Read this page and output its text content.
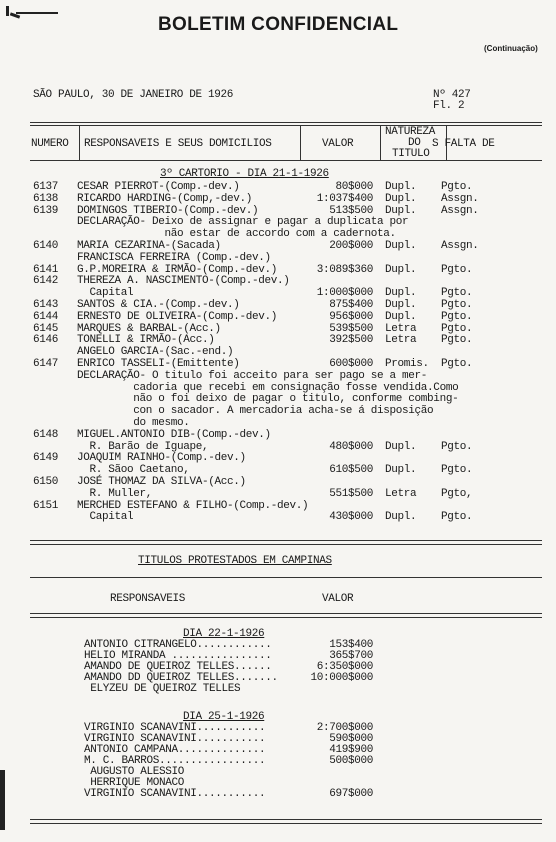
BOLETIM CONFIDENCIAL
(Continuação)
SÃO PAULO, 30 DE JANEIRO DE 1926	Nº 427
Fl. 2
NUMERO RESPONSAVEIS E SEUS DOMICILIOS	VALOR
NATUREZA
DO
TITULO
S FALTA DE
3º CARTORIO - DIA 21-1-1926
6137 CESAR PIERROT-(Comp.-dev.)	80$000 Dupl. Pgto.
6138 RICARDO HARDING-(Comp,-dev.)	1:037$400 Dupl. Assgn.
6139 DOMINGOS TIBERIO-(Comp.-dev.)	513$500 Dupl. Assgn.
DECLARAÇÃO- Deixo de assignar e pagar a duplicata por
não estar de accordo com a cadernota.
6140 MARIA CEZARINA-(Sacada)	200$000 Dupl. Assgn.
FRANCISCA FERREIRA (Comp.-dev.)
6141 G.P.MOREIRA & IRMÃO-(Comp.-dev.)	3:089$360 Dupl. Pgto.
6142 THEREZA A. NASCIMENTO-(Comp.-dev.)
Capital	1:000$000 Dupl. Pgto.
6143 SANTOS & CIA.-(Comp.-dev.)	875$400 Dupl. Pgto.
6144 ERNESTO DE OLIVEIRA-(Comp.-dev.)	956$000 Dupl. Pgto.
6145 MARQUES & BARBAL-(Acc.)	539$500 Letra Pgto.
6146 TONELLI & IRMÃO-(Acc.)	392$500 Letra Pgto.
ANGELO GARCIA-(Sac.-end.)
6147 ENRICO TASSELI-(Emittente)	600$000 Promis. Pgto.
DECLARAÇÃO- O titulo foi acceito para ser pago se a mer-
cadoria que recebi em consignação fosse vendida.Como
não o foi deixo de pagar o titulo, conforme combing-
con o sacador. A mercadoria acha-se á disposição
do mesmo.
6148 MIGUEL.ANTONIO DIB-(Comp.-dev.)
R. Barão de Iguape,	480$000 Dupl. Pgto.
6149 JOAQUIM RAINHO-(Comp.-dev.)
R. Sãoo Caetano,	610$500 Dupl. Pgto.
6150 JOSÉ THOMAZ DA SILVA-(Acc.)
R. Muller,	551$500 Letra Pgto,
6151 MERCHED ESTEFANO & FILHO-(Comp.-dev.)
Capital	430$000 Dupl. Pgto.
TITULOS PROTESTADOS EM CAMPINAS
RESPONSAVEIS	VALOR
DIA 22-1-1926
ANTONIO CITRANGELO............	153$400
HELIO MIRANDA ................	365$700
AMANDO DE QUEIROZ TELLES......	6:350$000
AMANDO DD QUEIROZ TELLES.......	10:000$000
ELYZEU DE QUEIROZ TELLES
DIA 25-1-1926
VIRGINIO SCANAVINI...........	2:700$000
VIRGINIO SCANAVINI...........	590$000
ANTONIO CAMPANA..............	419$900
M. C. BARROS.................	500$000
AUGUSTO ALESSIO
HERRIQUE MONACO
VIRGINIO SCANAVINI...........	697$000
